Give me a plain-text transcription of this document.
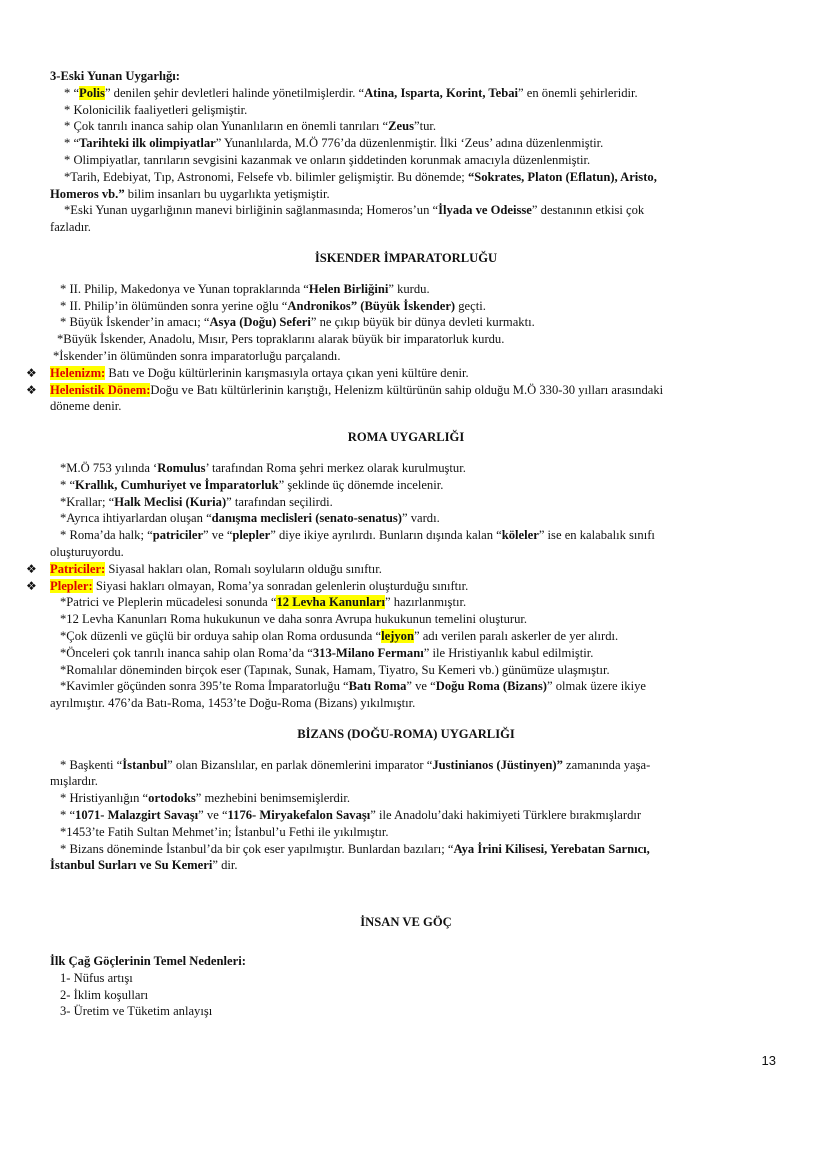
3-Eski Yunan Uygarlığı:
* “Polis” denilen şehir devletleri halinde yönetilmişlerdir. “Atina, Isparta, Korint, Tebai” en önemli şehirleridir.
* Kolonicilik faaliyetleri gelişmiştir.
* Çok tanrılı inanca sahip olan Yunanlıların en önemli tanrıları “Zeus”tur.
* “Tarihteki ilk olimpiyatlar” Yunanlılarda, M.Ö 776’da düzenlenmiştir. İlki ‘Zeus’ adına düzenlenmiştir.
* Olimpiyatlar, tanrıların sevgisini kazanmak ve onların şiddetinden korunmak amacıyla düzenlenmiştir.
*Tarih, Edebiyat, Tıp, Astronomi, Felsefe vb. bilimler gelişmiştir. Bu dönemde; “Sokrates, Platon (Eflatun), Aristo,
Homeros vb.” bilim insanları bu uygarlıkta yetişmiştir.
*Eski Yunan uygarlığının manevi birliğinin sağlanmasında; Homeros’un “İlyada ve Odeisse” destanının etkisi çok
fazladır.
İSKENDER İMPARATORLUĞU
* II. Philip, Makedonya ve Yunan topraklarında “Helen Birliğini” kurdu.
* II. Philip’in ölümünden sonra yerine oğlu “Andronikos” (Büyük İskender) geçti.
* Büyük İskender’in amacı; “Asya (Doğu) Seferi” ne çıkıp büyük bir dünya devleti kurmaktı.
*Büyük İskender, Anadolu, Mısır, Pers topraklarını alarak büyük bir imparatorluk kurdu.
*İskender’in ölümünden sonra imparatorluğu parçalandı.
❖ Helenizm: Batı ve Doğu kültürlerinin karışmasıyla ortaya çıkan yeni kültüre denir.
❖ Helenistik Dönem:Doğu ve Batı kültürlerinin karıştığı, Helenizm kültürünün sahip olduğu M.Ö 330-30 yılları arasındaki
döneme denir.
ROMA UYGARLIĞI
*M.Ö 753 yılında ‘Romulus’ tarafından Roma şehri merkez olarak kurulmuştur.
* “Krallık, Cumhuriyet ve İmparatorluk” şeklinde üç dönemde incelenir.
*Krallar; “Halk Meclisi (Kuria)” tarafından seçilirdi.
*Ayrıca ihtiyarlardan oluşan “danışma meclisleri (senato-senatus)” vardı.
* Roma’da halk; “patriciler” ve “plepler” diye ikiye ayrılırdı. Bunların dışında kalan “köleler” ise en kalabalık sınıfı
oluşturuyordu.
❖ Patriciler: Siyasal hakları olan, Romalı soyluların olduğu sınıftır.
❖ Plepler: Siyasi hakları olmayan, Roma’ya sonradan gelenlerin oluşturduğu sınıftır.
*Patrici ve Pleplerin mücadelesi sonunda “12 Levha Kanunları” hazırlanmıştır.
*12 Levha Kanunları Roma hukukunun ve daha sonra Avrupa hukukunun temelini oluşturur.
*Çok düzenli ve güçlü bir orduya sahip olan Roma ordusunda “lejyon” adı verilen paralı askerler de yer alırdı.
*Önceleri çok tanrılı inanca sahip olan Roma’da “313-Milano Fermanı” ile Hristiyanlık kabul edilmiştir.
*Romalılar döneminden birçok eser (Tapınak, Sunak, Hamam, Tiyatro, Su Kemeri vb.) günümüze ulaşmıştır.
*Kavimler göçünden sonra 395’te Roma İmparatorluğu “Batı Roma” ve “Doğu Roma (Bizans)” olmak üzere ikiye
ayrılmıştır. 476’da Batı-Roma, 1453’te Doğu-Roma (Bizans) yıkılmıştır.
BİZANS (DOĞU-ROMA) UYGARLIĞI
* Başkenti “İstanbul” olan Bizanslılar, en parlak dönemlerini imparator “Justinianos (Jüstinyen)” zamanında yaşa-
mışlardır.
* Hristiyanlığın “ortodoks” mezhebini benimsemişlerdir.
* “1071- Malazgirt Savaşı” ve “1176- Miryakefalon Savaşı” ile Anadolu’daki hakimiyeti Türklere bırakmışlardır
*1453’te Fatih Sultan Mehmet’in; İstanbul’u Fethi ile yıkılmıştır.
* Bizans döneminde İstanbul’da bir çok eser yapılmıştır. Bunlardan bazıları; “Aya İrini Kilisesi, Yerebatan Sarnıcı,
İstanbul Surları ve Su Kemeri” dir.
İNSAN VE GÖÇ
İlk Çağ Göçlerinin Temel Nedenleri:
1- Nüfus artışı
2- İklim koşulları
3- Üretim ve Tüketim anlayışı
13
